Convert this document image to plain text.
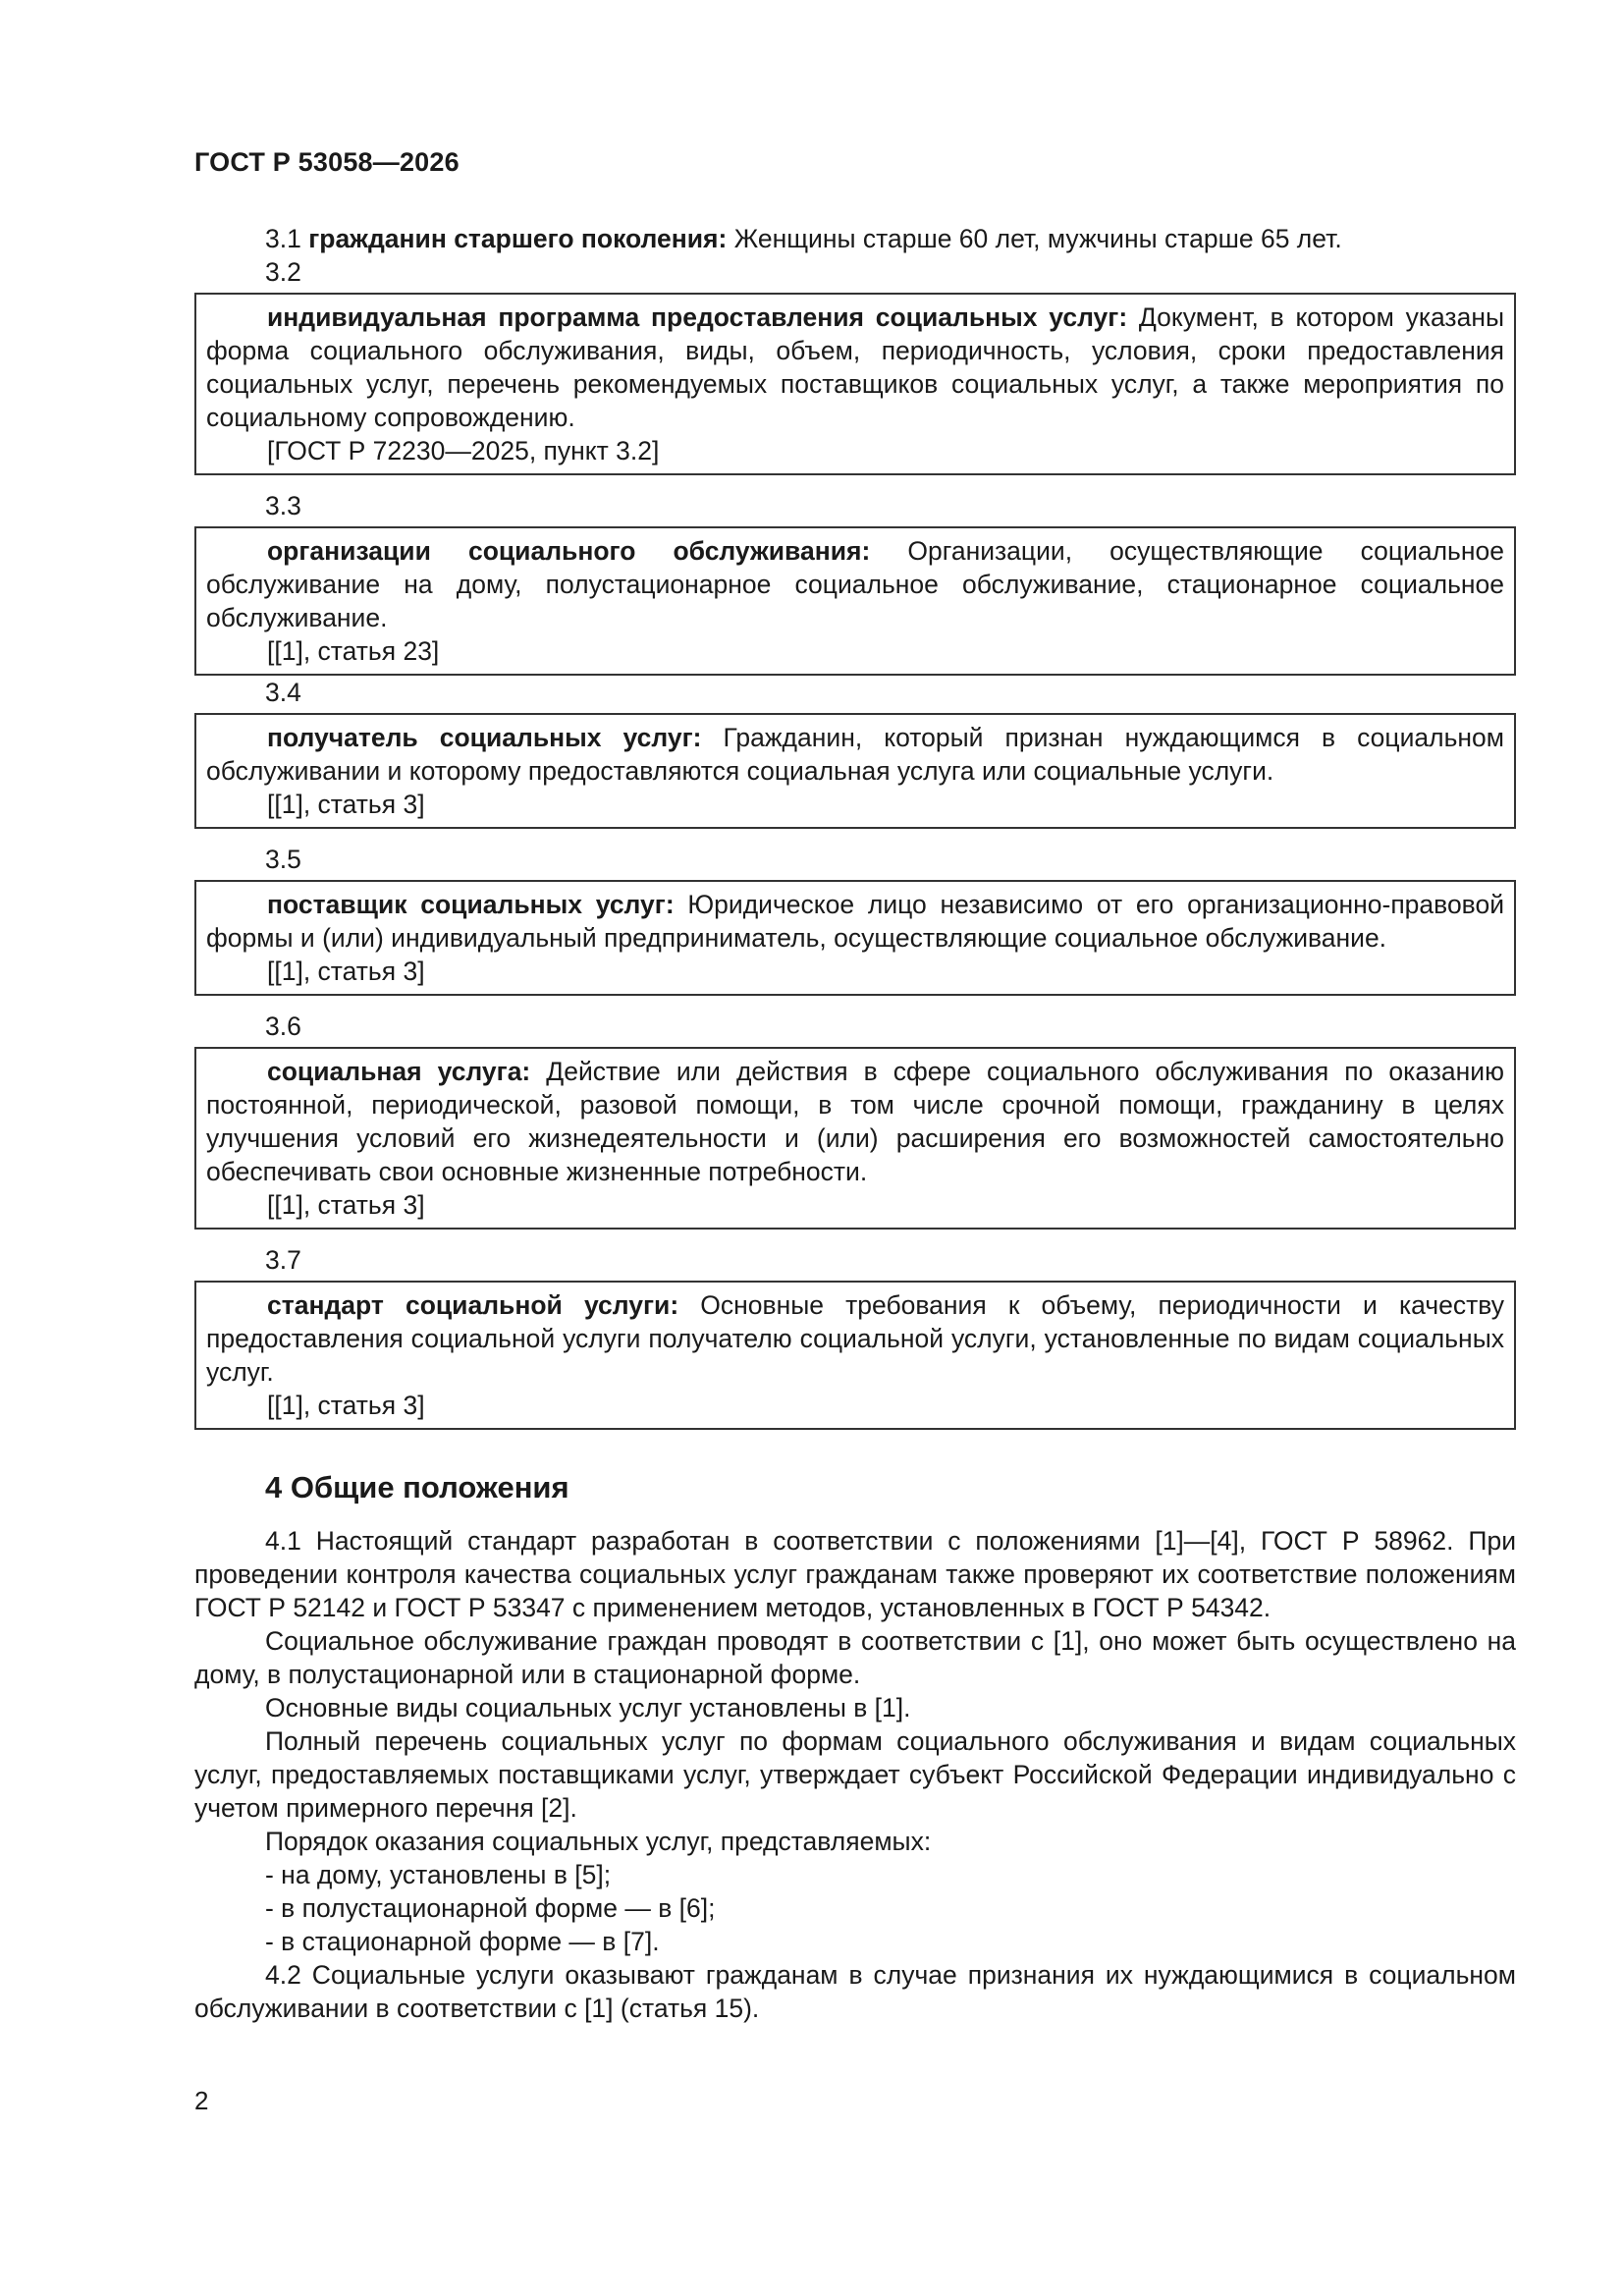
ГОСТ Р 53058—2026

3.1 гражданин старшего поколения: Женщины старше 60 лет, мужчины старше 65 лет.

3.2

индивидуальная программа предоставления социальных услуг: Документ, в котором указаны форма социального обслуживания, виды, объем, периодичность, условия, сроки предоставления социальных услуг, перечень рекомендуемых поставщиков социальных услуг, а также мероприятия по социальному сопровождению.

[ГОСТ Р 72230—2025, пункт 3.2]

3.3

организации социального обслуживания: Организации, осуществляющие социальное обслуживание на дому, полустационарное социальное обслуживание, стационарное социальное обслуживание.

[[1], статья 23]

3.4

получатель социальных услуг: Гражданин, который признан нуждающимся в социальном обслуживании и которому предоставляются социальная услуга или социальные услуги.

[[1], статья 3]

3.5

поставщик социальных услуг: Юридическое лицо независимо от его организационно-правовой формы и (или) индивидуальный предприниматель, осуществляющие социальное обслуживание.

[[1], статья 3]

3.6

социальная услуга: Действие или действия в сфере социального обслуживания по оказанию постоянной, периодической, разовой помощи, в том числе срочной помощи, гражданину в целях улучшения условий его жизнедеятельности и (или) расширения его возможностей самостоятельно обеспечивать свои основные жизненные потребности.

[[1], статья 3]

3.7

стандарт социальной услуги: Основные требования к объему, периодичности и качеству предоставления социальной услуги получателю социальной услуги, установленные по видам социальных услуг.

[[1], статья 3]

4 Общие положения

4.1 Настоящий стандарт разработан в соответствии с положениями [1]—[4], ГОСТ Р 58962. При проведении контроля качества социальных услуг гражданам также проверяют их соответствие положениям ГОСТ Р 52142 и ГОСТ Р 53347 с применением методов, установленных в ГОСТ Р 54342.

Социальное обслуживание граждан проводят в соответствии с [1], оно может быть осуществлено на дому, в полустационарной или в стационарной форме.

Основные виды социальных услуг установлены в [1].

Полный перечень социальных услуг по формам социального обслуживания и видам социальных услуг, предоставляемых поставщиками услуг, утверждает субъект Российской Федерации индивидуально с учетом примерного перечня [2].

Порядок оказания социальных услуг, представляемых:

- на дому, установлены в [5];

- в полустационарной форме — в [6];

- в стационарной форме — в [7].

4.2 Социальные услуги оказывают гражданам в случае признания их нуждающимися в социальном обслуживании в соответствии с [1] (статья 15).

2
